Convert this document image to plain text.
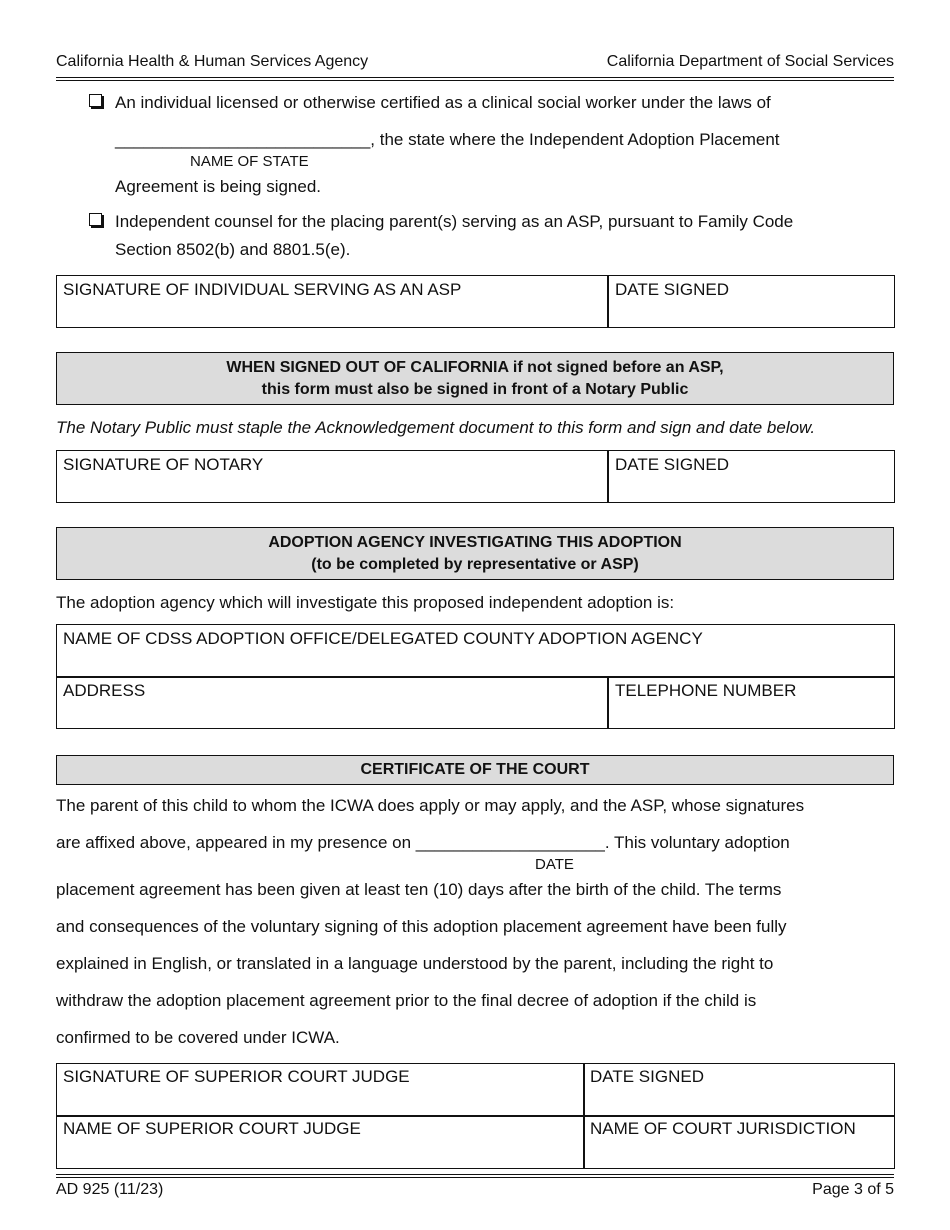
California Health & Human Services Agency	California Department of Social Services
An individual licensed or otherwise certified as a clinical social worker under the laws of
___________________________, the state where the Independent Adoption Placement
NAME OF STATE
Agreement is being signed.
Independent counsel for the placing parent(s) serving as an ASP, pursuant to Family Code
Section 8502(b) and 8801.5(e).
SIGNATURE OF INDIVIDUAL SERVING AS AN ASP	DATE SIGNED
WHEN SIGNED OUT OF CALIFORNIA if not signed before an ASP,
this form must also be signed in front of a Notary Public
The Notary Public must staple the Acknowledgement document to this form and sign and date below.
SIGNATURE OF NOTARY	DATE SIGNED
ADOPTION AGENCY INVESTIGATING THIS ADOPTION
(to be completed by representative or ASP)
The adoption agency which will investigate this proposed independent adoption is:
NAME OF CDSS ADOPTION OFFICE/DELEGATED COUNTY ADOPTION AGENCY
ADDRESS	TELEPHONE NUMBER
CERTIFICATE OF THE COURT
The parent of this child to whom the ICWA does apply or may apply, and the ASP, whose signatures
are affixed above, appeared in my presence on ____________________. This voluntary adoption
DATE
placement agreement has been given at least ten (10) days after the birth of the child. The terms
and consequences of the voluntary signing of this adoption placement agreement have been fully
explained in English, or translated in a language understood by the parent, including the right to
withdraw the adoption placement agreement prior to the final decree of adoption if the child is
confirmed to be covered under ICWA.
SIGNATURE OF SUPERIOR COURT JUDGE	DATE SIGNED
NAME OF SUPERIOR COURT JUDGE	NAME OF COURT JURISDICTION
AD 925 (11/23)	Page 3 of 5
